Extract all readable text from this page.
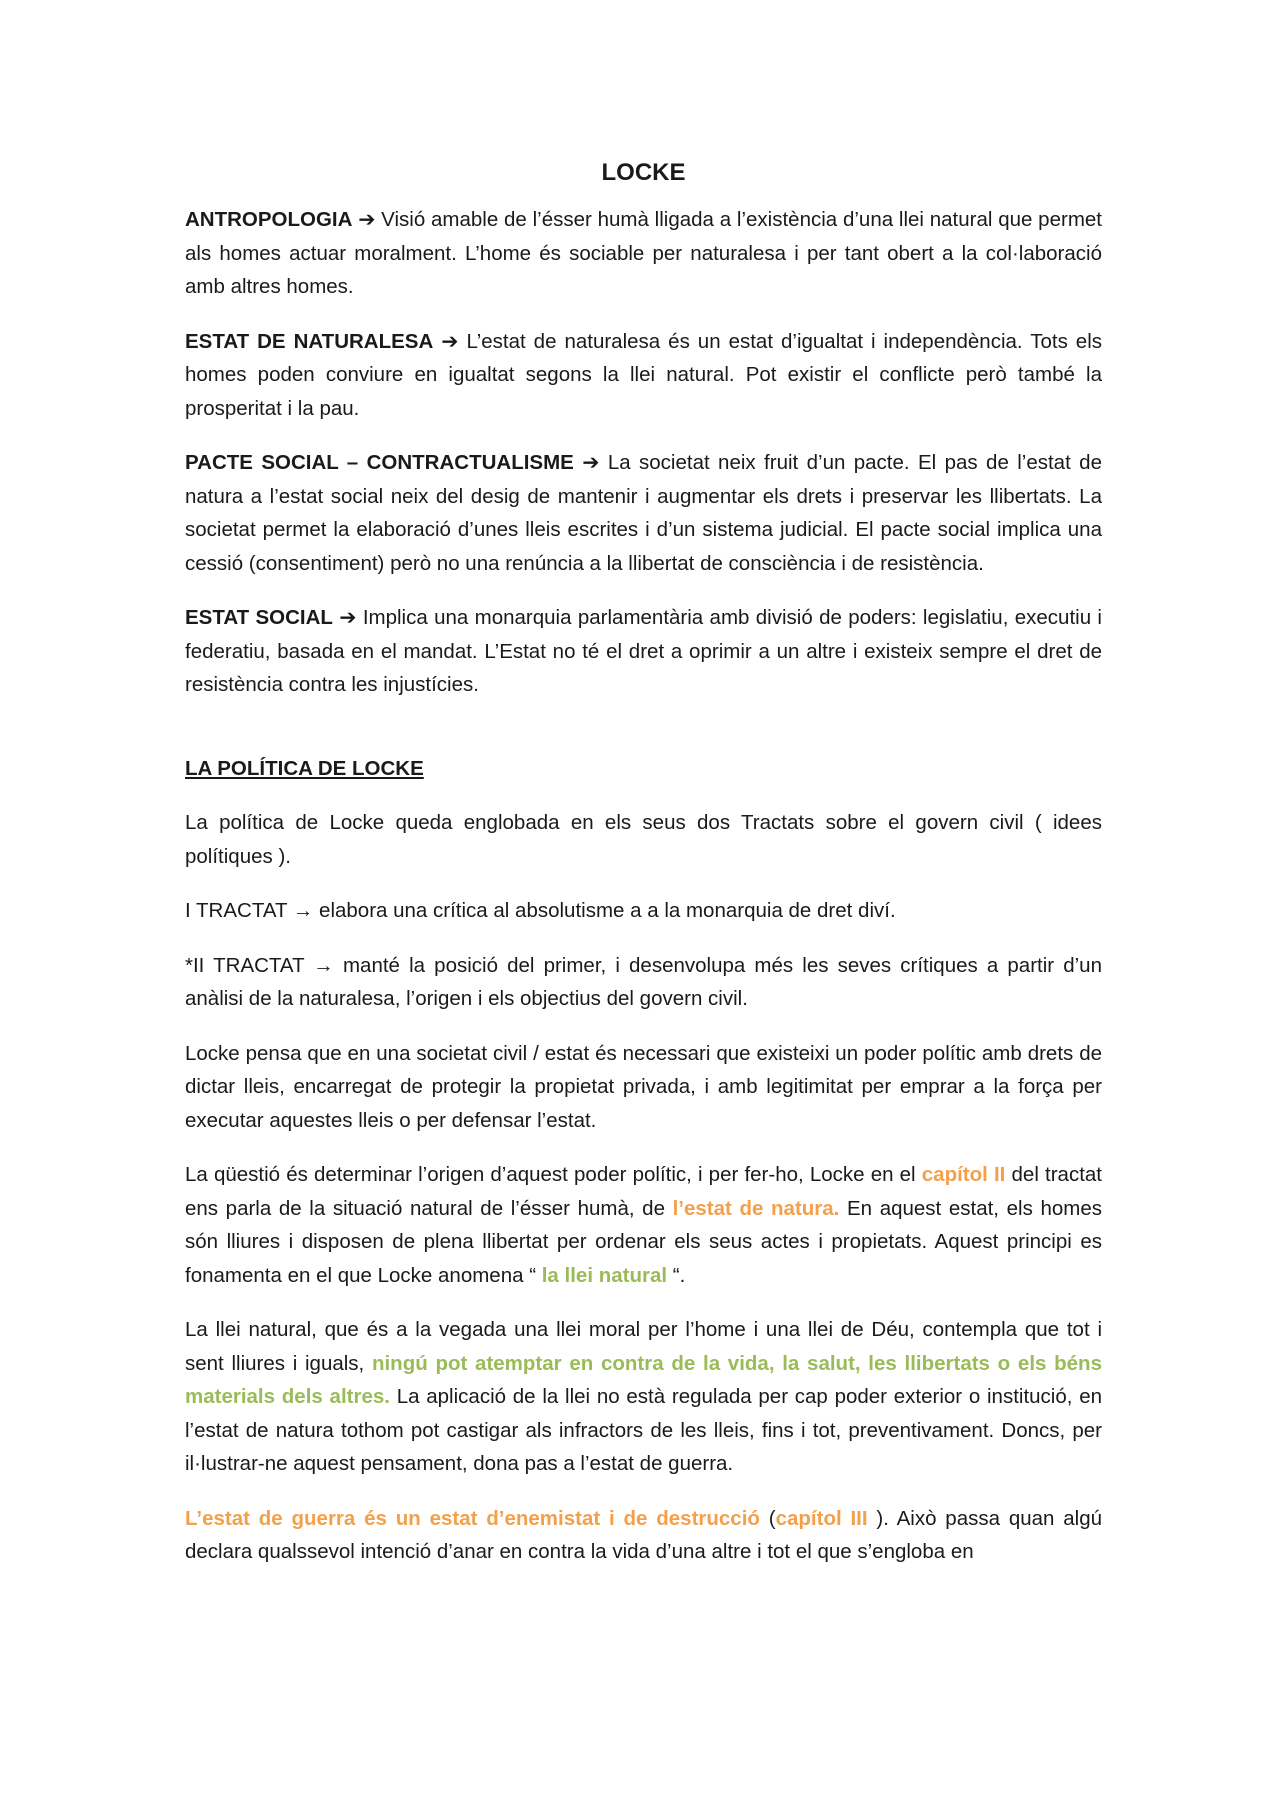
LOCKE

ANTROPOLOGIA ➔ Visió amable de l’ésser humà lligada a l’existència d’una llei natural que permet als homes actuar moralment. L’home és sociable per naturalesa i per tant obert a la col·laboració amb altres homes.

ESTAT DE NATURALESA ➔ L’estat de naturalesa és un estat d’igualtat i independència. Tots els homes poden conviure en igualtat segons la llei natural. Pot existir el conflicte però també la prosperitat i la pau.

PACTE SOCIAL – CONTRACTUALISME ➔ La societat neix fruit d’un pacte. El pas de l’estat de natura a l’estat social neix del desig de mantenir i augmentar els drets i preservar les llibertats. La societat permet la elaboració d’unes lleis escrites i d’un sistema judicial. El pacte social implica una cessió (consentiment) però no una renúncia a la llibertat de consciència i de resistència.

ESTAT SOCIAL ➔ Implica una monarquia parlamentària amb divisió de poders: legislatiu, executiu i federatiu, basada en el mandat. L’Estat no té el dret a oprimir a un altre i existeix sempre el dret de resistència contra les injustícies.

LA POLÍTICA DE LOCKE

La política de Locke queda englobada en els seus dos Tractats sobre el govern civil ( idees polítiques ).

I TRACTAT → elabora una crítica al absolutisme a a la monarquia de dret diví.

*II TRACTAT → manté la posició del primer, i desenvolupa més les seves crítiques a partir d’un anàlisi de la naturalesa, l’origen i els objectius del govern civil.

Locke pensa que en una societat civil / estat és necessari que existeixi un poder polític amb drets de dictar lleis, encarregat de protegir la propietat privada, i amb legitimitat per emprar a la força per executar aquestes lleis o per defensar l’estat.

La qüestió és determinar l’origen d’aquest poder polític, i per fer-ho, Locke en el capítol II del tractat ens parla de la situació natural de l’ésser humà, de l’estat de natura. En aquest estat, els homes són lliures i disposen de plena llibertat per ordenar els seus actes i propietats. Aquest principi es fonamenta en el que Locke anomena “ la llei natural “.

La llei natural, que és a la vegada una llei moral per l’home i una llei de Déu, contempla que tot i sent lliures i iguals, ningú pot atemptar en contra de la vida, la salut, les llibertats o els béns materials dels altres. La aplicació de la llei no està regulada per cap poder exterior o institució, en l’estat de natura tothom pot castigar als infractors de les lleis, fins i tot, preventivament. Doncs, per il·lustrar-ne aquest pensament, dona pas a l’estat de guerra.

L’estat de guerra és un estat d’enemistat i de destrucció (capítol III ). Això passa quan algú declara qualssevol intenció d’anar en contra la vida d’una altre i tot el que s’engloba en
